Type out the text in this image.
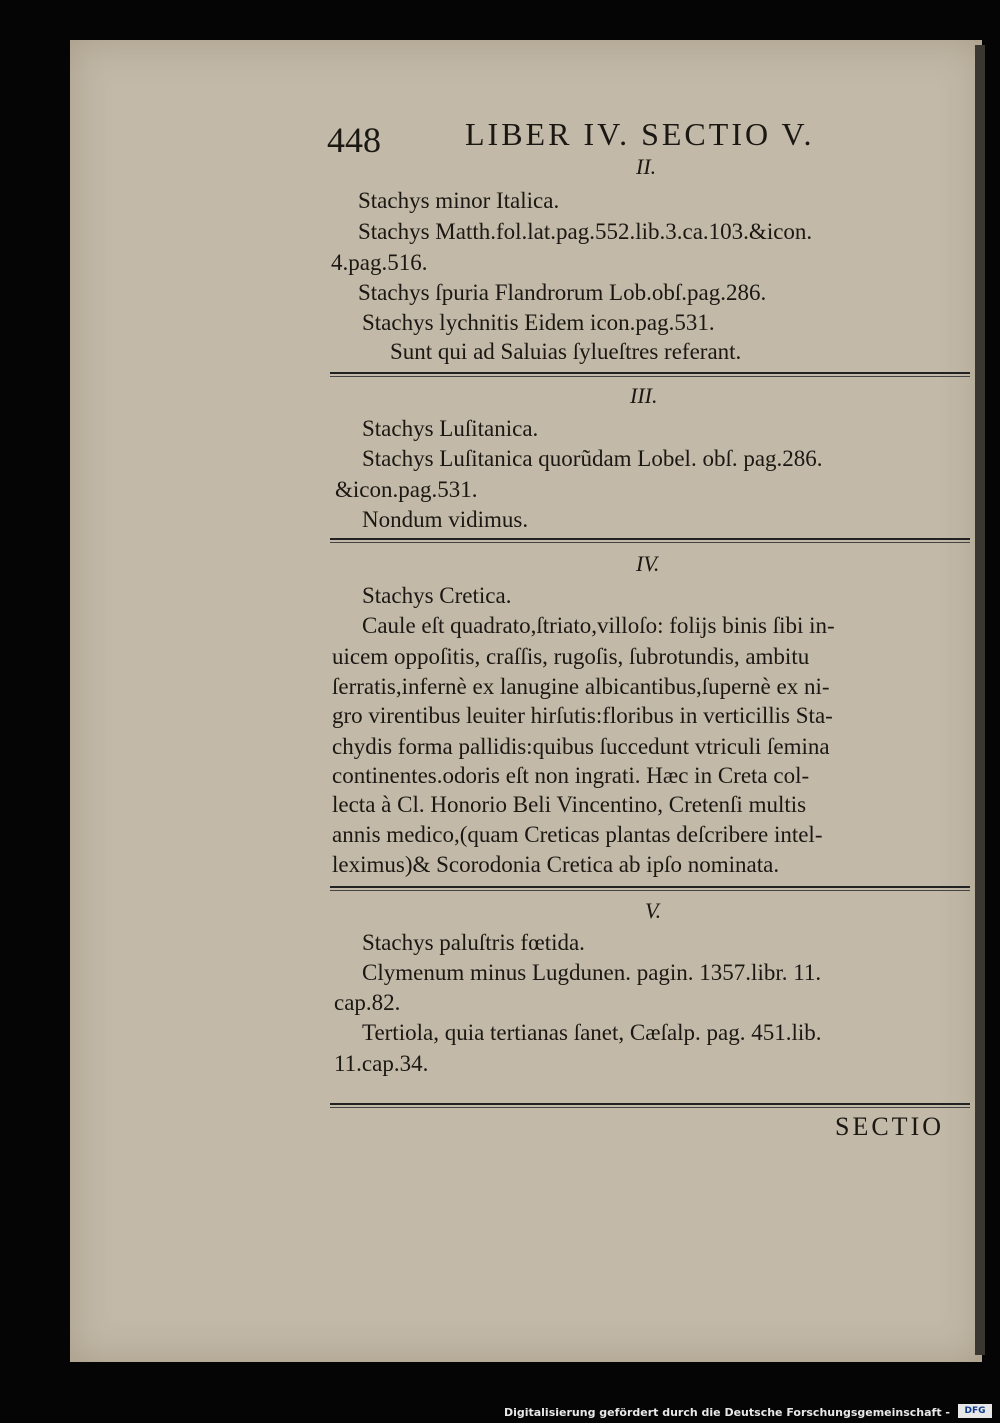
448	LIBER IV. SECTIO V.
II.
Stachys minor Italica.
Stachys Matth.fol.lat.pag.552.lib.3.ca.103.&icon.
4.pag.516.
Stachys ſpuria Flandrorum Lob.obſ.pag.286.
Stachys lychnitis Eidem icon.pag.531.
Sunt qui ad Saluias ſylueſtres referant.
III.
Stachys Luſitanica.
Stachys Luſitanica quorũdam Lobel. obſ. pag.286.
&icon.pag.531.
Nondum vidimus.
IV.
Stachys Cretica.
Caule eſt quadrato,ſtriato,villoſo: folijs binis ſibi in-
uicem oppoſitis, craſſis, rugoſis, ſubrotundis, ambitu
ſerratis,infernè ex lanugine albicantibus,ſupernè ex ni-
gro virentibus leuiter hirſutis:floribus in verticillis Sta-
chydis forma pallidis:quibus ſuccedunt vtriculi ſemina
continentes.odoris eſt non ingrati. Hæc in Creta col-
lecta à Cl. Honorio Beli Vincentino, Cretenſi multis
annis medico,(quam Creticas plantas deſcribere intel-
leximus)& Scorodonia Cretica ab ipſo nominata.
V.
Stachys paluſtris fœtida.
Clymenum minus Lugdunen. pagin. 1357.libr. 11.
cap.82.
Tertiola, quia tertianas ſanet, Cæſalp. pag. 451.lib.
11.cap.34.
SECTIO
Digitalisierung gefördert durch die Deutsche Forschungsgemeinschaft -	DFG
